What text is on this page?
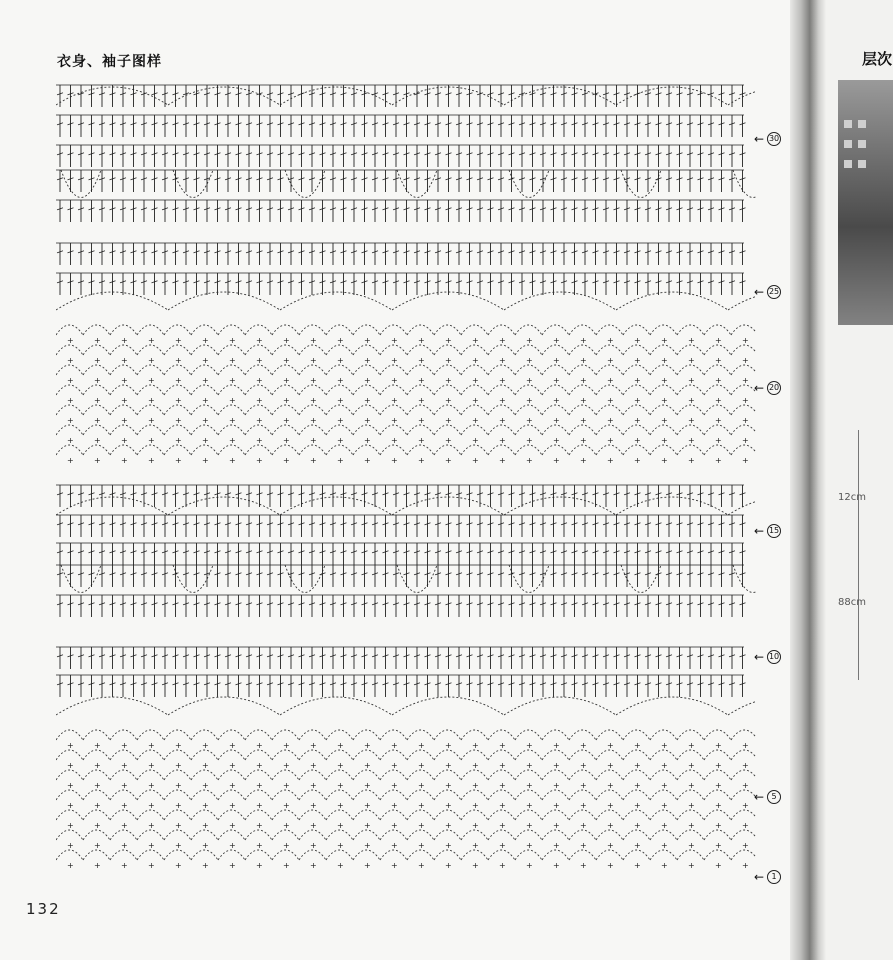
衣身、袖子图样	层次
12cm
88cm
+	+	+	+	+	+	+	+	+	+	+	+	+	+	+	+	+	+	+	+	+	+	+	+	+	+
+	+	+	+	+	+	+	+	+	+	+	+	+	+	+	+	+	+	+	+	+	+	+	+	+	+
+	+	+	+	+	+	+	+	+	+	+	+	+	+	+	+	+	+	+	+	+	+	+	+	+	+
+	+	+	+	+	+	+	+	+	+	+	+	+	+	+	+	+	+	+	+	+	+	+	+	+	+
+	+	+	+	+	+	+	+	+	+	+	+	+	+	+	+	+	+	+	+	+	+	+	+	+	+
+	+	+	+	+	+	+	+	+	+	+	+	+	+	+	+	+	+	+	+	+	+	+	+	+	+
+	+	+	+	+	+	+	+	+	+	+	+	+	+	+	+	+	+	+	+	+	+	+	+	+	+
+	+	+	+	+	+	+	+	+	+	+	+	+	+	+	+	+	+	+	+	+	+	+	+	+	+
+	+	+	+	+	+	+	+	+	+	+	+	+	+	+	+	+	+	+	+	+	+	+	+	+	+
+	+	+	+	+	+	+	+	+	+	+	+	+	+	+	+	+	+	+	+	+	+	+	+	+	+
+	+	+	+	+	+	+	+	+	+	+	+	+	+	+	+	+	+	+	+	+	+	+	+	+	+
+	+	+	+	+	+	+	+	+	+	+	+	+	+	+	+	+	+	+	+	+	+	+	+	+	+
+	+	+	+	+	+	+	+	+	+	+	+	+	+	+	+	+	+	+	+	+	+	+	+	+	+
+	+	+	+	+	+	+	+	+	+	+	+	+	+	+	+	+	+	+	+	+	+	+	+	+	+
← 30
← 25
← 20
← 15
← 10
← 5
← 1
132
